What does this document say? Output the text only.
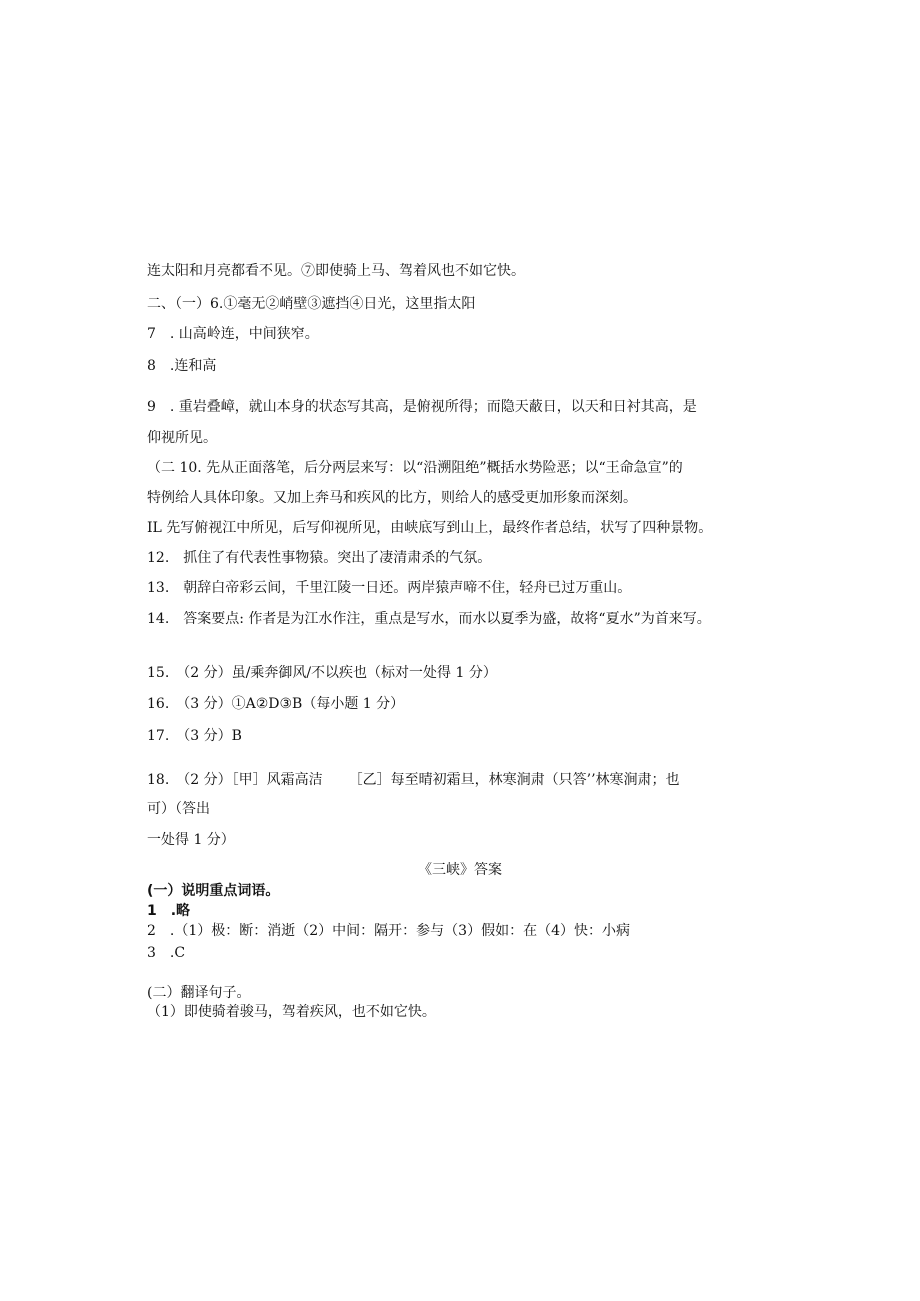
连太阳和月亮都看不见。⑦即使骑上马、驾着风也不如它快。
二、（一）6.①毫无②峭壁③遮挡④日光，这里指太阳
7　. 山高岭连，中间狭窄。
8　.连和高
9　. 重岩叠嶂，就山本身的状态写其高，是俯视所得；而隐天蔽日，以天和日衬其高，是
仰视所见。
（二 10. 先从正面落笔，后分两层来写：以“沿溯阻绝”概括水势险恶；以“王命急宣”的
特例给人具体印象。又加上奔马和疾风的比方，则给人的感受更加形象而深刻。
IL 先写俯视江中所见，后写仰视所见，由峡底写到山上，最终作者总结，状写了四种景物。
12.　抓住了有代表性事物猿。突出了凄清肃杀的气氛。
13.　朝辞白帝彩云间，千里江陵一日还。两岸猿声啼不住，轻舟已过万重山。
14.　答案要点: 作者是为江水作注，重点是写水，而水以夏季为盛，故将“夏水”为首来写。
15.　（2 分）虽/乘奔御风/不以疾也（标对一处得 1 分）
16.　（3 分）①A②D③B（每小题 1 分）
17.　（3 分）B
18.　（2 分）［甲］风霜高洁 ［乙］每至晴初霜旦，林寒涧肃（只答’’林寒涧肃；也
可）（答出
一处得 1 分）
《三峡》答案
(一）说明重点词语。
1　.略
2　.（1）极：断：消逝（2）中间：隔开：参与（3）假如：在（4）快：小病
3　.C
(二）翻译句子。
（1）即使骑着骏马，驾着疾风，也不如它快。
